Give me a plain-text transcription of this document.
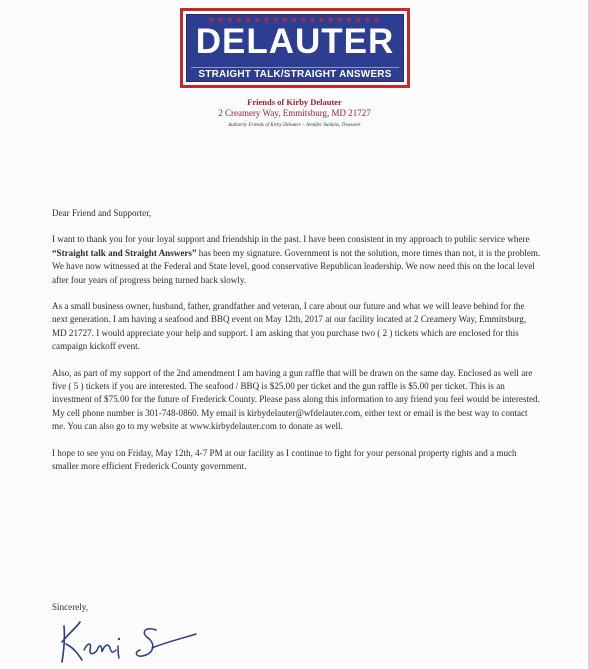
★★★★★★★★★★★★★★★★★★★
DELAUTER
STRAIGHT TALK/STRAIGHT ANSWERS
Friends of Kirby Delauter
2 Creamery Way, Emmitsburg, MD 21727
Authority Friends of Kirby Delauter – Jennifer Sunkins, Treasurer

Dear Friend and Supporter,

I want to thank you for your loyal support and friendship in the past. I have been consistent in my approach to public service where “Straight talk and Straight Answers” has been my signature. Government is not the solution, more times than not, it is the problem. We have now witnessed at the Federal and State level, good conservative Republican leadership. We now need this on the local level after four years of progress being turned back slowly.

As a small business owner, husband, father, grandfather and veteran, I care about our future and what we will leave behind for the next generation. I am having a seafood and BBQ event on May 12th, 2017 at our facility located at 2 Creamery Way, Emmitsburg, MD 21727. I would appreciate your help and support. I am asking that you purchase two ( 2 ) tickets which are enclosed for this campaign kickoff event.

Also, as part of my support of the 2nd amendment I am having a gun raffle that will be drawn on the same day. Enclosed as well are five ( 5 ) tickets if you are interested. The seafood / BBQ is $25.00 per ticket and the gun raffle is $5.00 per ticket. This is an investment of $75.00 for the future of Frederick County. Please pass along this information to any friend you feel would be interested. My cell phone number is 301-748-0860. My email is kirbydelauter@wfdelauter.com, either text or email is the best way to contact me. You can also go to my website at www.kirbydelauter.com to donate as well.

I hope to see you on Friday, May 12th, 4-7 PM at our facility as I continue to fight for your personal property rights and a much smaller more efficient Frederick County government.

Sincerely,
